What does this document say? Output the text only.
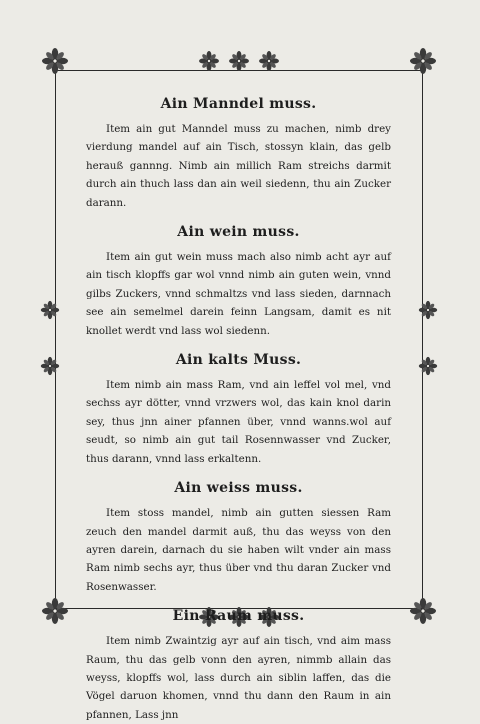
Ain Manndel muss.
Item ain gut Manndel muss zu machen, nimb drey vierdung mandel auf ain Tisch, stossyn klain, das gelb herauß gannng. Nimb ain millich Ram streichs darmit durch ain thuch lass dan ain weil siedenn, thu ain Zucker darann.
Ain wein muss.
Item ain gut wein muss mach also nimb acht ayr auf ain tisch klopffs gar wol vnnd nimb ain guten wein, vnnd gilbs Zuckers, vnnd schmaltzs vnd lass sieden, darnnach see ain semelmel darein feinn Langsam, damit es nit knollet werdt vnd lass wol siedenn.
Ain kalts Muss.
Item nimb ain mass Ram, vnd ain leffel vol mel, vnd sechss ayr dötter, vnnd vrzwers wol, das kain knol darin sey, thus jnn ainer pfannen über, vnnd wanns.wol auf seudt, so nimb ain gut tail Rosennwasser vnd Zucker, thus darann, vnnd lass erkaltenn.
Ain weiss muss.
Item stoss mandel, nimb ain gutten siessen Ram zeuch den mandel darmit auß, thu das weyss von den ayren darein, darnach du sie haben wilt vnder ain mass Ram nimb sechs ayr, thus über vnd thu daran Zucker vnd Rosenwasser.
Ein Raum muss.
Item nimb Zwaintzig ayr auf ain tisch, vnd aim mass Raum, thu das gelb vonn den ayren, nimmb allain das weyss, klopffs wol, lass durch ain siblin laffen, das die Vögel daruon khomen, vnnd thu dann den Raum in ain pfannen, Lass jnn
